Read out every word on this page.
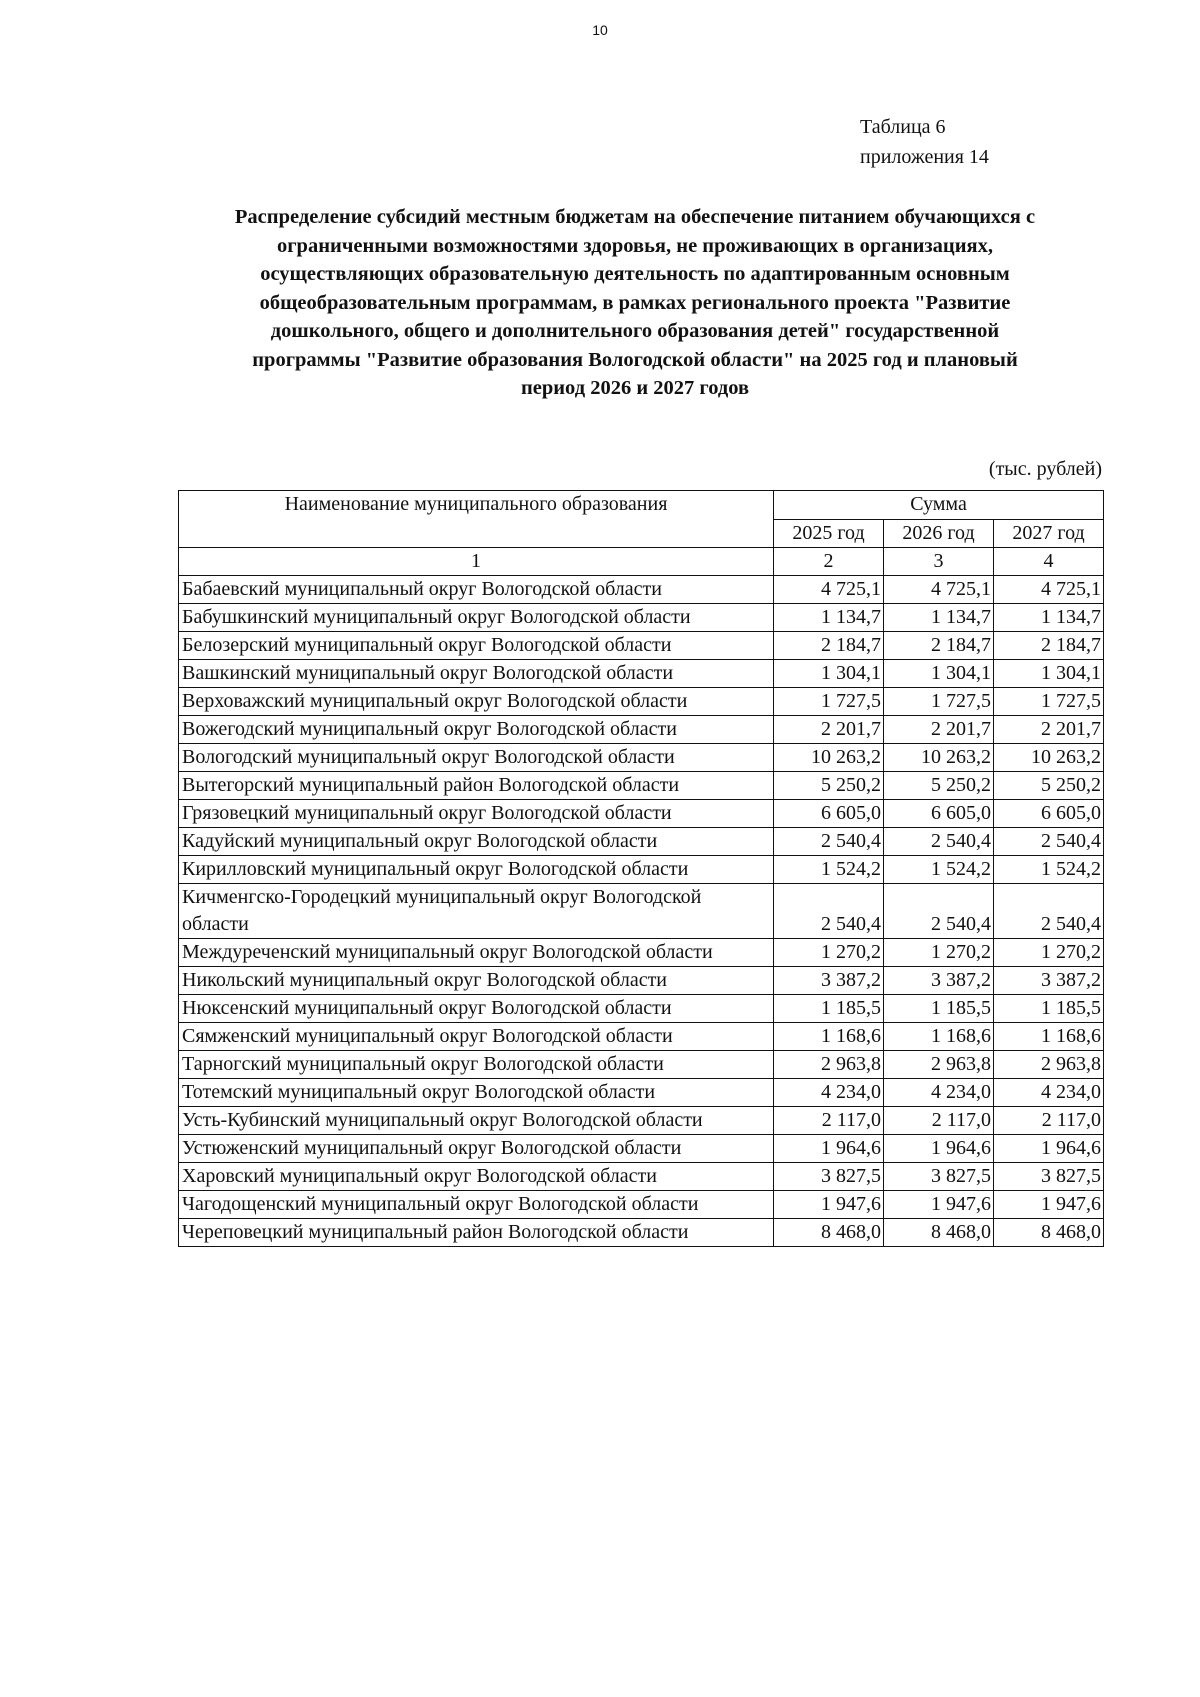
10
Таблица 6
приложения 14
Распределение субсидий местным бюджетам на обеспечение питанием обучающихся с
ограниченными возможностями здоровья, не проживающих в организациях,
осуществляющих образовательную деятельность по адаптированным основным
общеобразовательным программам, в рамках регионального проекта "Развитие
дошкольного, общего и дополнительного образования детей" государственной
программы "Развитие образования Вологодской области" на 2025 год и плановый
период 2026 и 2027 годов
(тыс. рублей)
Наименование муниципального образования	Сумма		
	2025 год	2026 год	2027 год
1	2	3	4
Бабаевский муниципальный округ Вологодской области	4 725,1	4 725,1	4 725,1
Бабушкинский муниципальный округ Вологодской области	1 134,7	1 134,7	1 134,7
Белозерский муниципальный округ Вологодской области	2 184,7	2 184,7	2 184,7
Вашкинский муниципальный округ Вологодской области	1 304,1	1 304,1	1 304,1
Верховажский муниципальный округ Вологодской области	1 727,5	1 727,5	1 727,5
Вожегодский муниципальный округ Вологодской области	2 201,7	2 201,7	2 201,7
Вологодский муниципальный округ Вологодской области	10 263,2	10 263,2	10 263,2
Вытегорский муниципальный район Вологодской области	5 250,2	5 250,2	5 250,2
Грязовецкий муниципальный округ Вологодской области	6 605,0	6 605,0	6 605,0
Кадуйский муниципальный округ Вологодской области	2 540,4	2 540,4	2 540,4
Кирилловский муниципальный округ Вологодской области	1 524,2	1 524,2	1 524,2
Кичменгско-Городецкий муниципальный округ Вологодской области	2 540,4	2 540,4	2 540,4
Междуреченский муниципальный округ Вологодской области	1 270,2	1 270,2	1 270,2
Никольский муниципальный округ Вологодской области	3 387,2	3 387,2	3 387,2
Нюксенский муниципальный округ Вологодской области	1 185,5	1 185,5	1 185,5
Сямженский муниципальный округ Вологодской области	1 168,6	1 168,6	1 168,6
Тарногский муниципальный округ Вологодской области	2 963,8	2 963,8	2 963,8
Тотемский муниципальный округ Вологодской области	4 234,0	4 234,0	4 234,0
Усть-Кубинский муниципальный округ Вологодской области	2 117,0	2 117,0	2 117,0
Устюженский муниципальный округ Вологодской области	1 964,6	1 964,6	1 964,6
Харовский муниципальный округ Вологодской области	3 827,5	3 827,5	3 827,5
Чагодощенский муниципальный округ Вологодской области	1 947,6	1 947,6	1 947,6
Череповецкий муниципальный район Вологодской области	8 468,0	8 468,0	8 468,0
